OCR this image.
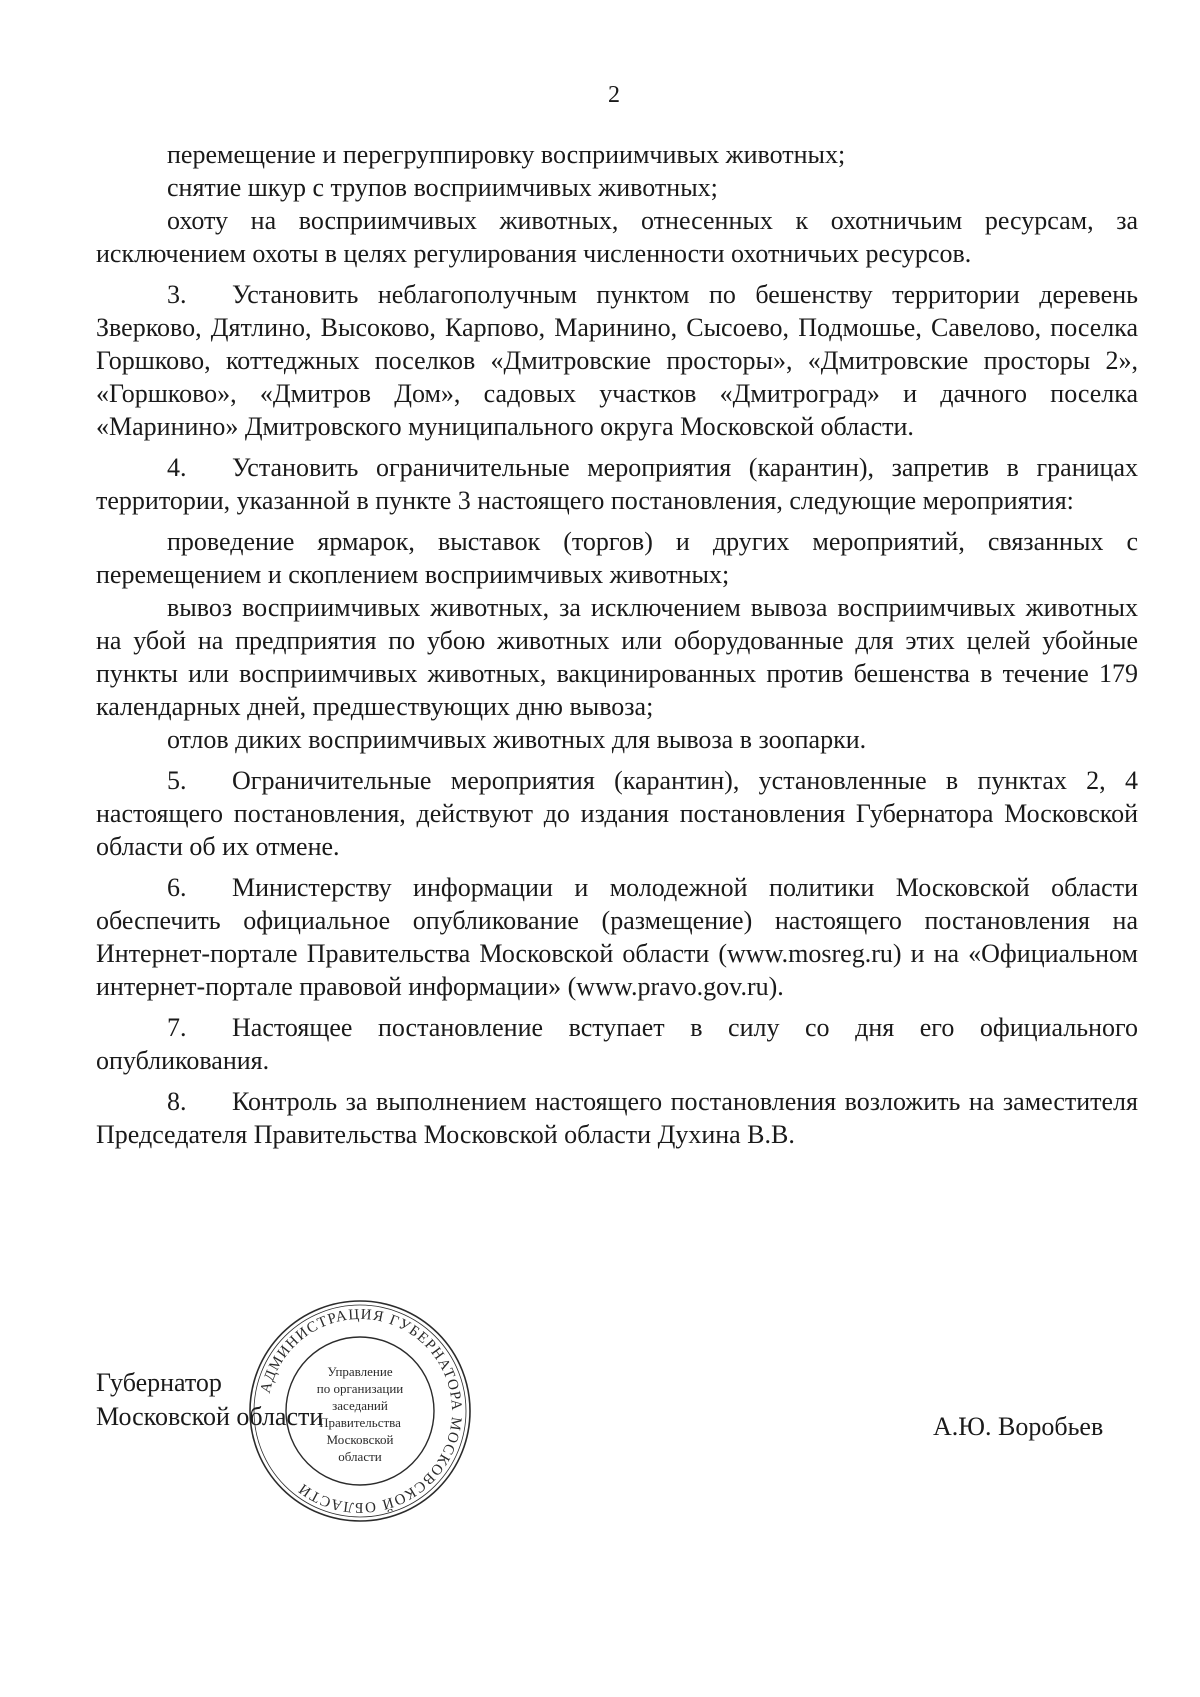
2

перемещение и перегруппировку восприимчивых животных;

снятие шкур с трупов восприимчивых животных;

охоту на восприимчивых животных, отнесенных к охотничьим ресурсам, за исключением охоты в целях регулирования численности охотничьих ресурсов.

3. Установить неблагополучным пунктом по бешенству территории деревень Зверково, Дятлино, Высоково, Карпово, Маринино, Сысоево, Подмошье, Савелово, поселка Горшково, коттеджных поселков «Дмитровские просторы», «Дмитровские просторы 2», «Горшково», «Дмитров Дом», садовых участков «Дмитроград» и дачного поселка «Маринино» Дмитровского муниципального округа Московской области.

4. Установить ограничительные мероприятия (карантин), запретив в границах территории, указанной в пункте 3 настоящего постановления, следующие мероприятия:

проведение ярмарок, выставок (торгов) и других мероприятий, связанных с перемещением и скоплением восприимчивых животных;

вывоз восприимчивых животных, за исключением вывоза восприимчивых животных на убой на предприятия по убою животных или оборудованные для этих целей убойные пункты или восприимчивых животных, вакцинированных против бешенства в течение 179 календарных дней, предшествующих дню вывоза;

отлов диких восприимчивых животных для вывоза в зоопарки.

5. Ограничительные мероприятия (карантин), установленные в пунктах 2, 4 настоящего постановления, действуют до издания постановления Губернатора Московской области об их отмене.

6. Министерству информации и молодежной политики Московской области обеспечить официальное опубликование (размещение) настоящего постановления на Интернет-портале Правительства Московской области (www.mosreg.ru) и на «Официальном интернет-портале правовой информации» (www.pravo.gov.ru).

7. Настоящее постановление вступает в силу со дня его официального опубликования.

8. Контроль за выполнением настоящего постановления возложить на заместителя Председателя Правительства Московской области Духина В.В.

АДМИНИСТРАЦИЯ ГУБЕРНАТОРА МОСКОВСКОЙ ОБЛАСТИ
Управление
по организации
заседаний
Правительства
Московской
области
Губернатор
Московской области	А.Ю. Воробьев
